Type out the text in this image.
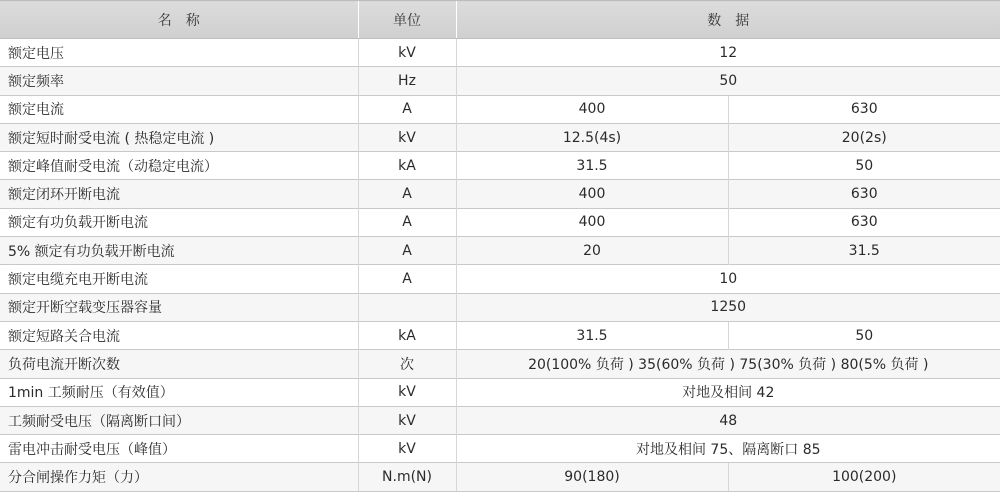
名　称	单位	数　据	
额定电压	kV	12	
额定频率	Hz	50	
额定电流	A	400	630
额定短时耐受电流 ( 热稳定电流 )	kV	12.5(4s)	20(2s)
额定峰值耐受电流（动稳定电流）	kA	31.5	50
额定闭环开断电流	A	400	630
额定有功负载开断电流	A	400	630
5% 额定有功负载开断电流	A	20	31.5
额定电缆充电开断电流	A	10	
额定开断空载变压器容量		1250	
额定短路关合电流	kA	31.5	50
负荷电流开断次数	次	20(100% 负荷 ) 35(60% 负荷 ) 75(30% 负荷 ) 80(5% 负荷 )	
1min 工频耐压（有效值）	kV	对地及相间 42	
工频耐受电压（隔离断口间）	kV	48	
雷电冲击耐受电压（峰值）	kV	对地及相间 75、隔离断口 85	
分合闸操作力矩（力）	N.m(N)	90(180)	100(200)
